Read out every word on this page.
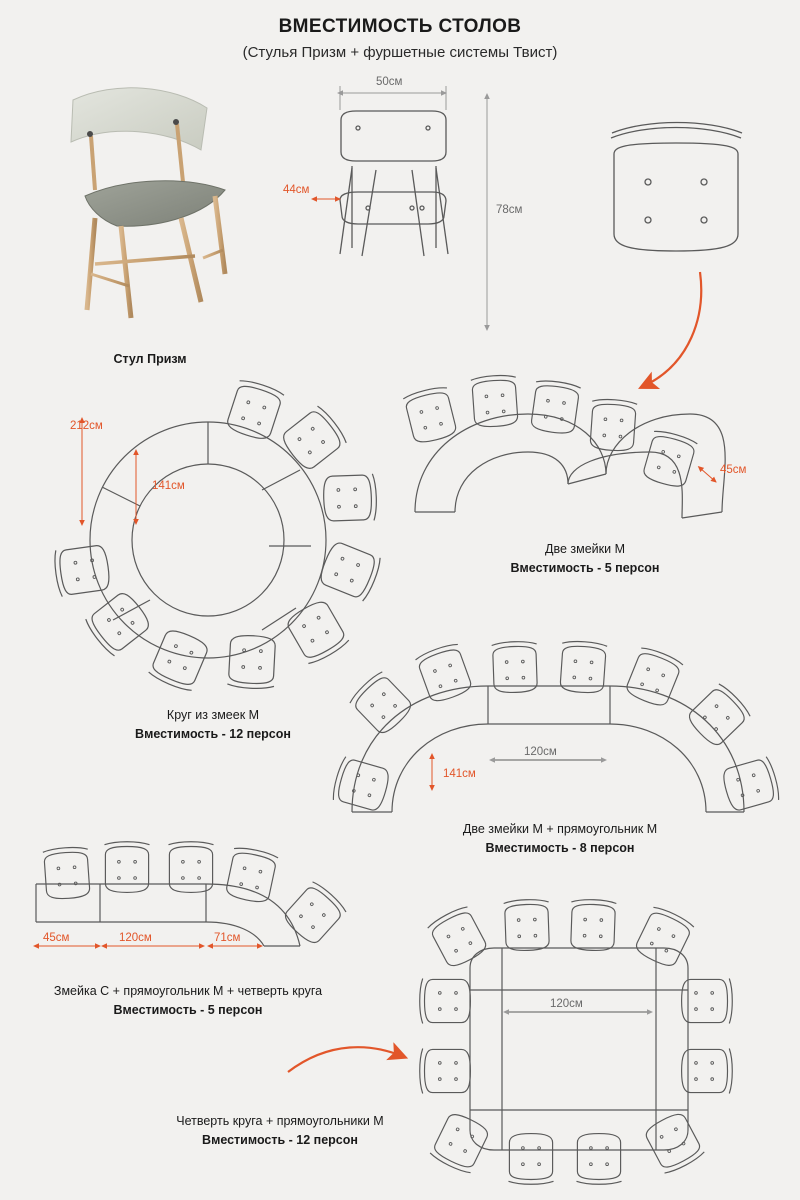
ВМЕСТИМОСТЬ СТОЛОВ
(Стулья Призм + фуршетные системы Твист)
Стул Призм
50см
78см
44см
212см
141см
45см
141см
120см
45см	120см	71см
120см
Круг из змеек М
Вместимость - 12 персон
Две змейки М
Вместимость - 5 персон
Две змейки М + прямоугольник М
Вместимость - 8 персон
Змейка С + прямоугольник М + четверть круга
Вместимость - 5 персон
Четверть круга + прямоугольники М
Вместимость - 12 персон
